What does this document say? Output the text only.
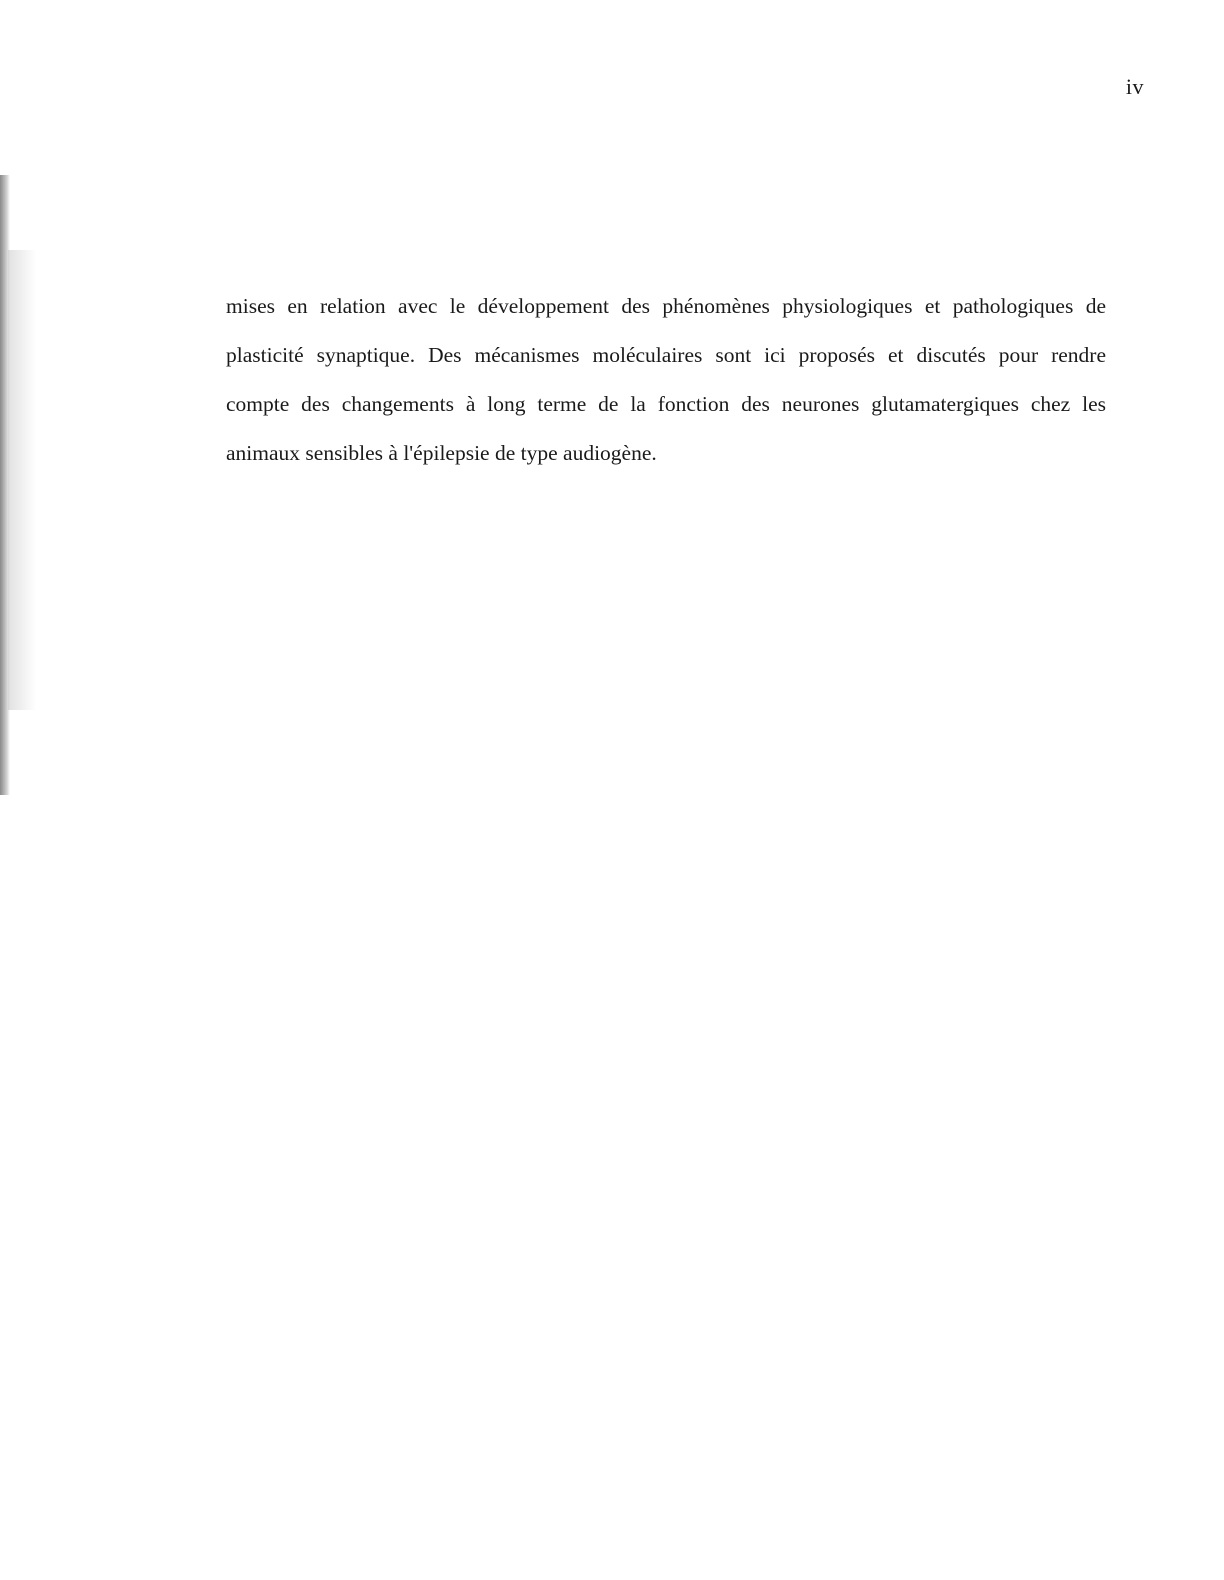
iv

mises en relation avec le développement des phénomènes physiologiques et pathologiques de
plasticité synaptique. Des mécanismes moléculaires sont ici proposés et discutés pour rendre
compte des changements à long terme de la fonction des neurones glutamatergiques chez les
animaux sensibles à l'épilepsie de type audiogène.
